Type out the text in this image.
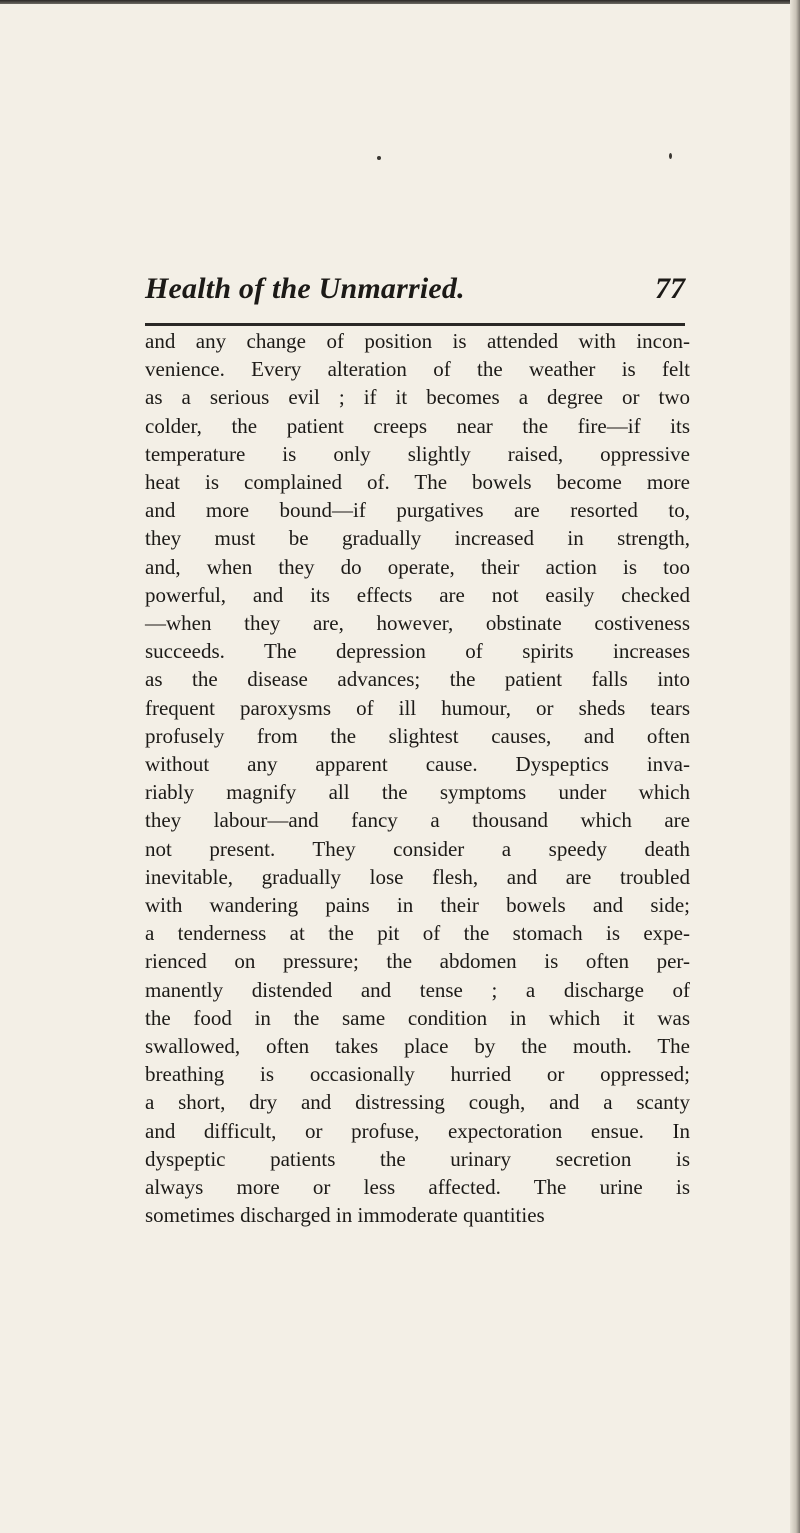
Health of the Unmarried.	77
and any change of position is attended with incon-
venience. Every alteration of the weather is felt
as a serious evil ; if it becomes a degree or two
colder, the patient creeps near the fire—if its
temperature is only slightly raised, oppressive
heat is complained of. The bowels become more
and more bound—if purgatives are resorted to,
they must be gradually increased in strength,
and, when they do operate, their action is too
powerful, and its effects are not easily checked
—when they are, however, obstinate costiveness
succeeds. The depression of spirits increases
as the disease advances; the patient falls into
frequent paroxysms of ill humour, or sheds tears
profusely from the slightest causes, and often
without any apparent cause. Dyspeptics inva-
riably magnify all the symptoms under which
they labour—and fancy a thousand which are
not present. They consider a speedy death
inevitable, gradually lose flesh, and are troubled
with wandering pains in their bowels and side;
a tenderness at the pit of the stomach is expe-
rienced on pressure; the abdomen is often per-
manently distended and tense ; a discharge of
the food in the same condition in which it was
swallowed, often takes place by the mouth. The
breathing is occasionally hurried or oppressed;
a short, dry and distressing cough, and a scanty
and difficult, or profuse, expectoration ensue. In
dyspeptic patients the urinary secretion is
always more or less affected. The urine is
sometimes discharged in immoderate quantities
